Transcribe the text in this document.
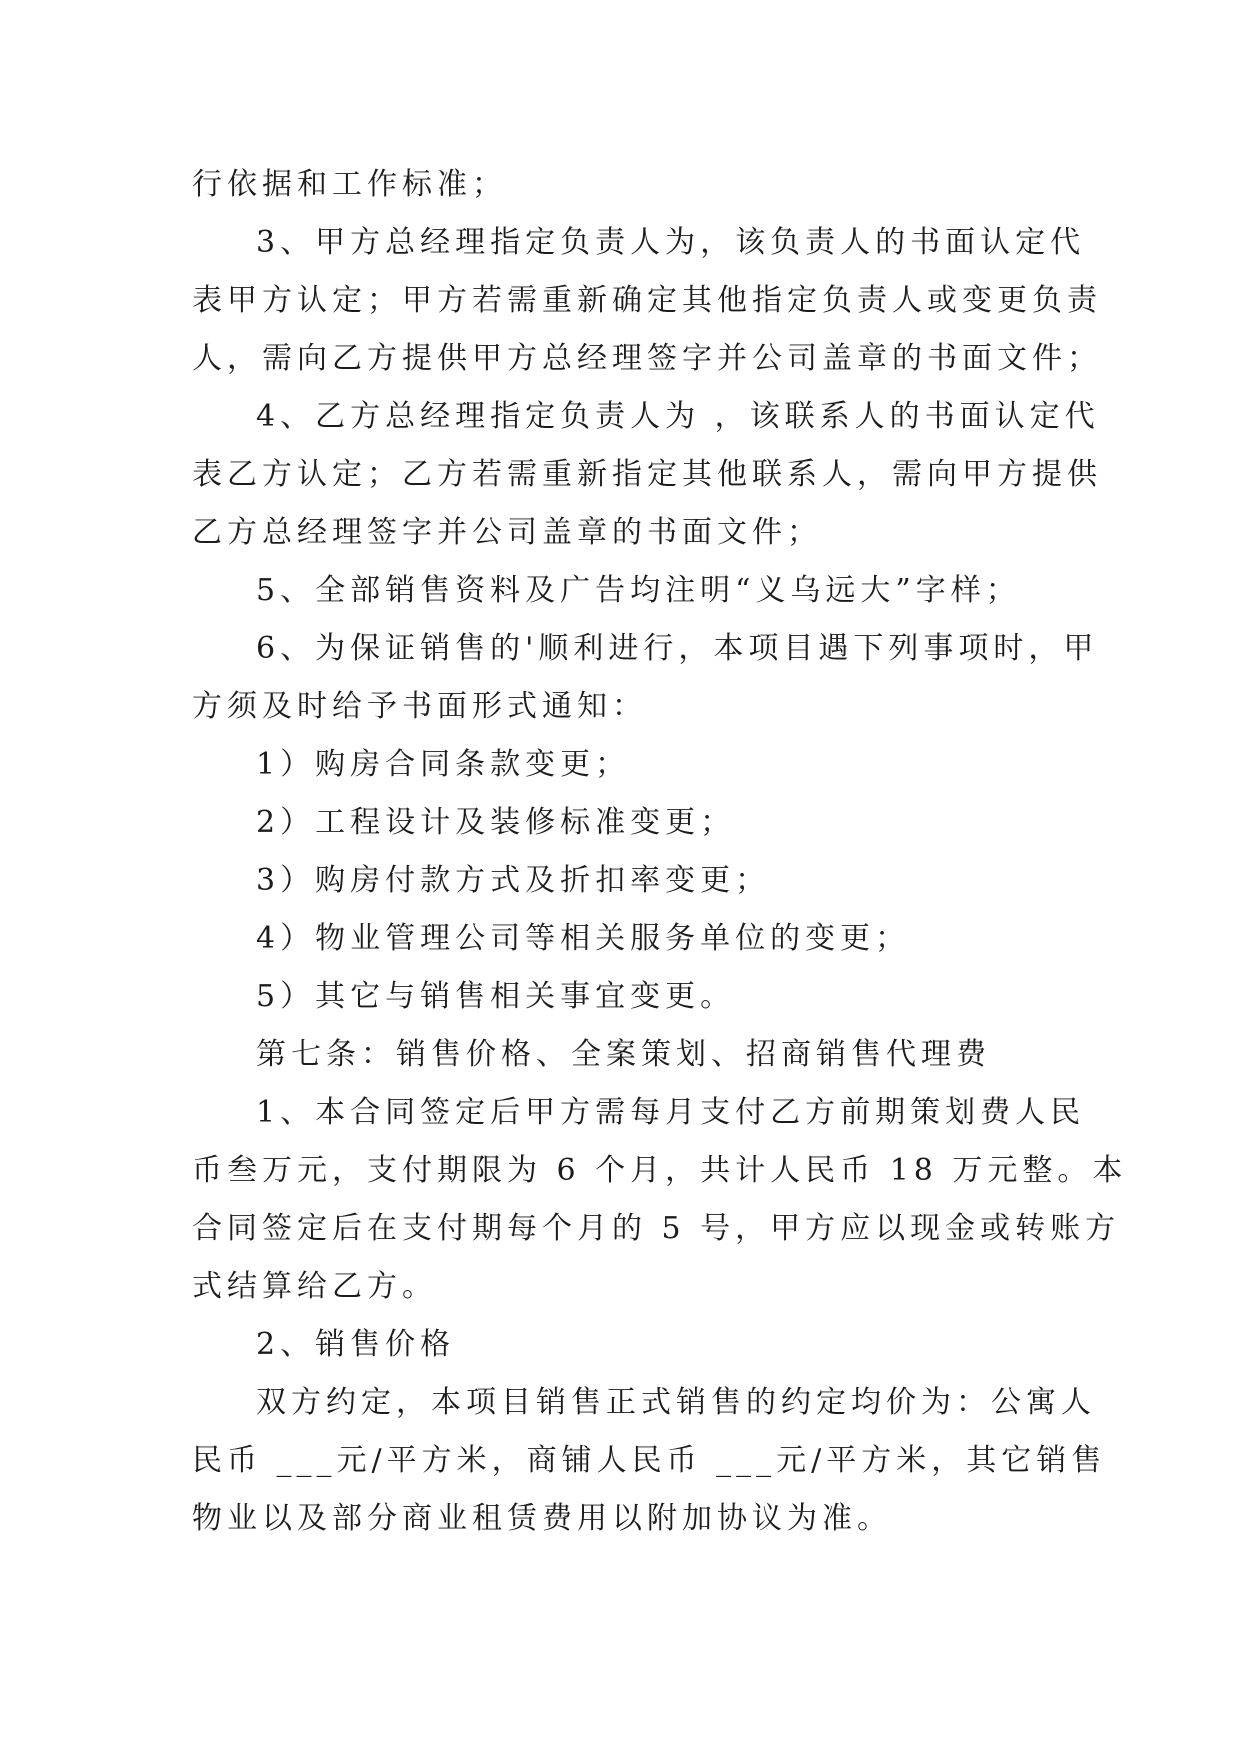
行依据和工作标准；
3、甲方总经理指定负责人为，该负责人的书面认定代
表甲方认定；甲方若需重新确定其他指定负责人或变更负责
人，需向乙方提供甲方总经理签字并公司盖章的书面文件；
4、乙方总经理指定负责人为 ，该联系人的书面认定代
表乙方认定；乙方若需重新指定其他联系人，需向甲方提供
乙方总经理签字并公司盖章的书面文件；
5、全部销售资料及广告均注明“义乌远大”字样；
6、为保证销售的'顺利进行，本项目遇下列事项时，甲
方须及时给予书面形式通知：
1）购房合同条款变更；
2）工程设计及装修标准变更；
3）购房付款方式及折扣率变更；
4）物业管理公司等相关服务单位的变更；
5）其它与销售相关事宜变更。
第七条：销售价格、全案策划、招商销售代理费
1、本合同签定后甲方需每月支付乙方前期策划费人民
币叁万元，支付期限为 6 个月，共计人民币 18 万元整。本
合同签定后在支付期每个月的 5 号，甲方应以现金或转账方
式结算给乙方。
2、销售价格
双方约定，本项目销售正式销售的约定均价为：公寓人
民币 ___元/平方米，商铺人民币 ___元/平方米，其它销售
物业以及部分商业租赁费用以附加协议为准。
